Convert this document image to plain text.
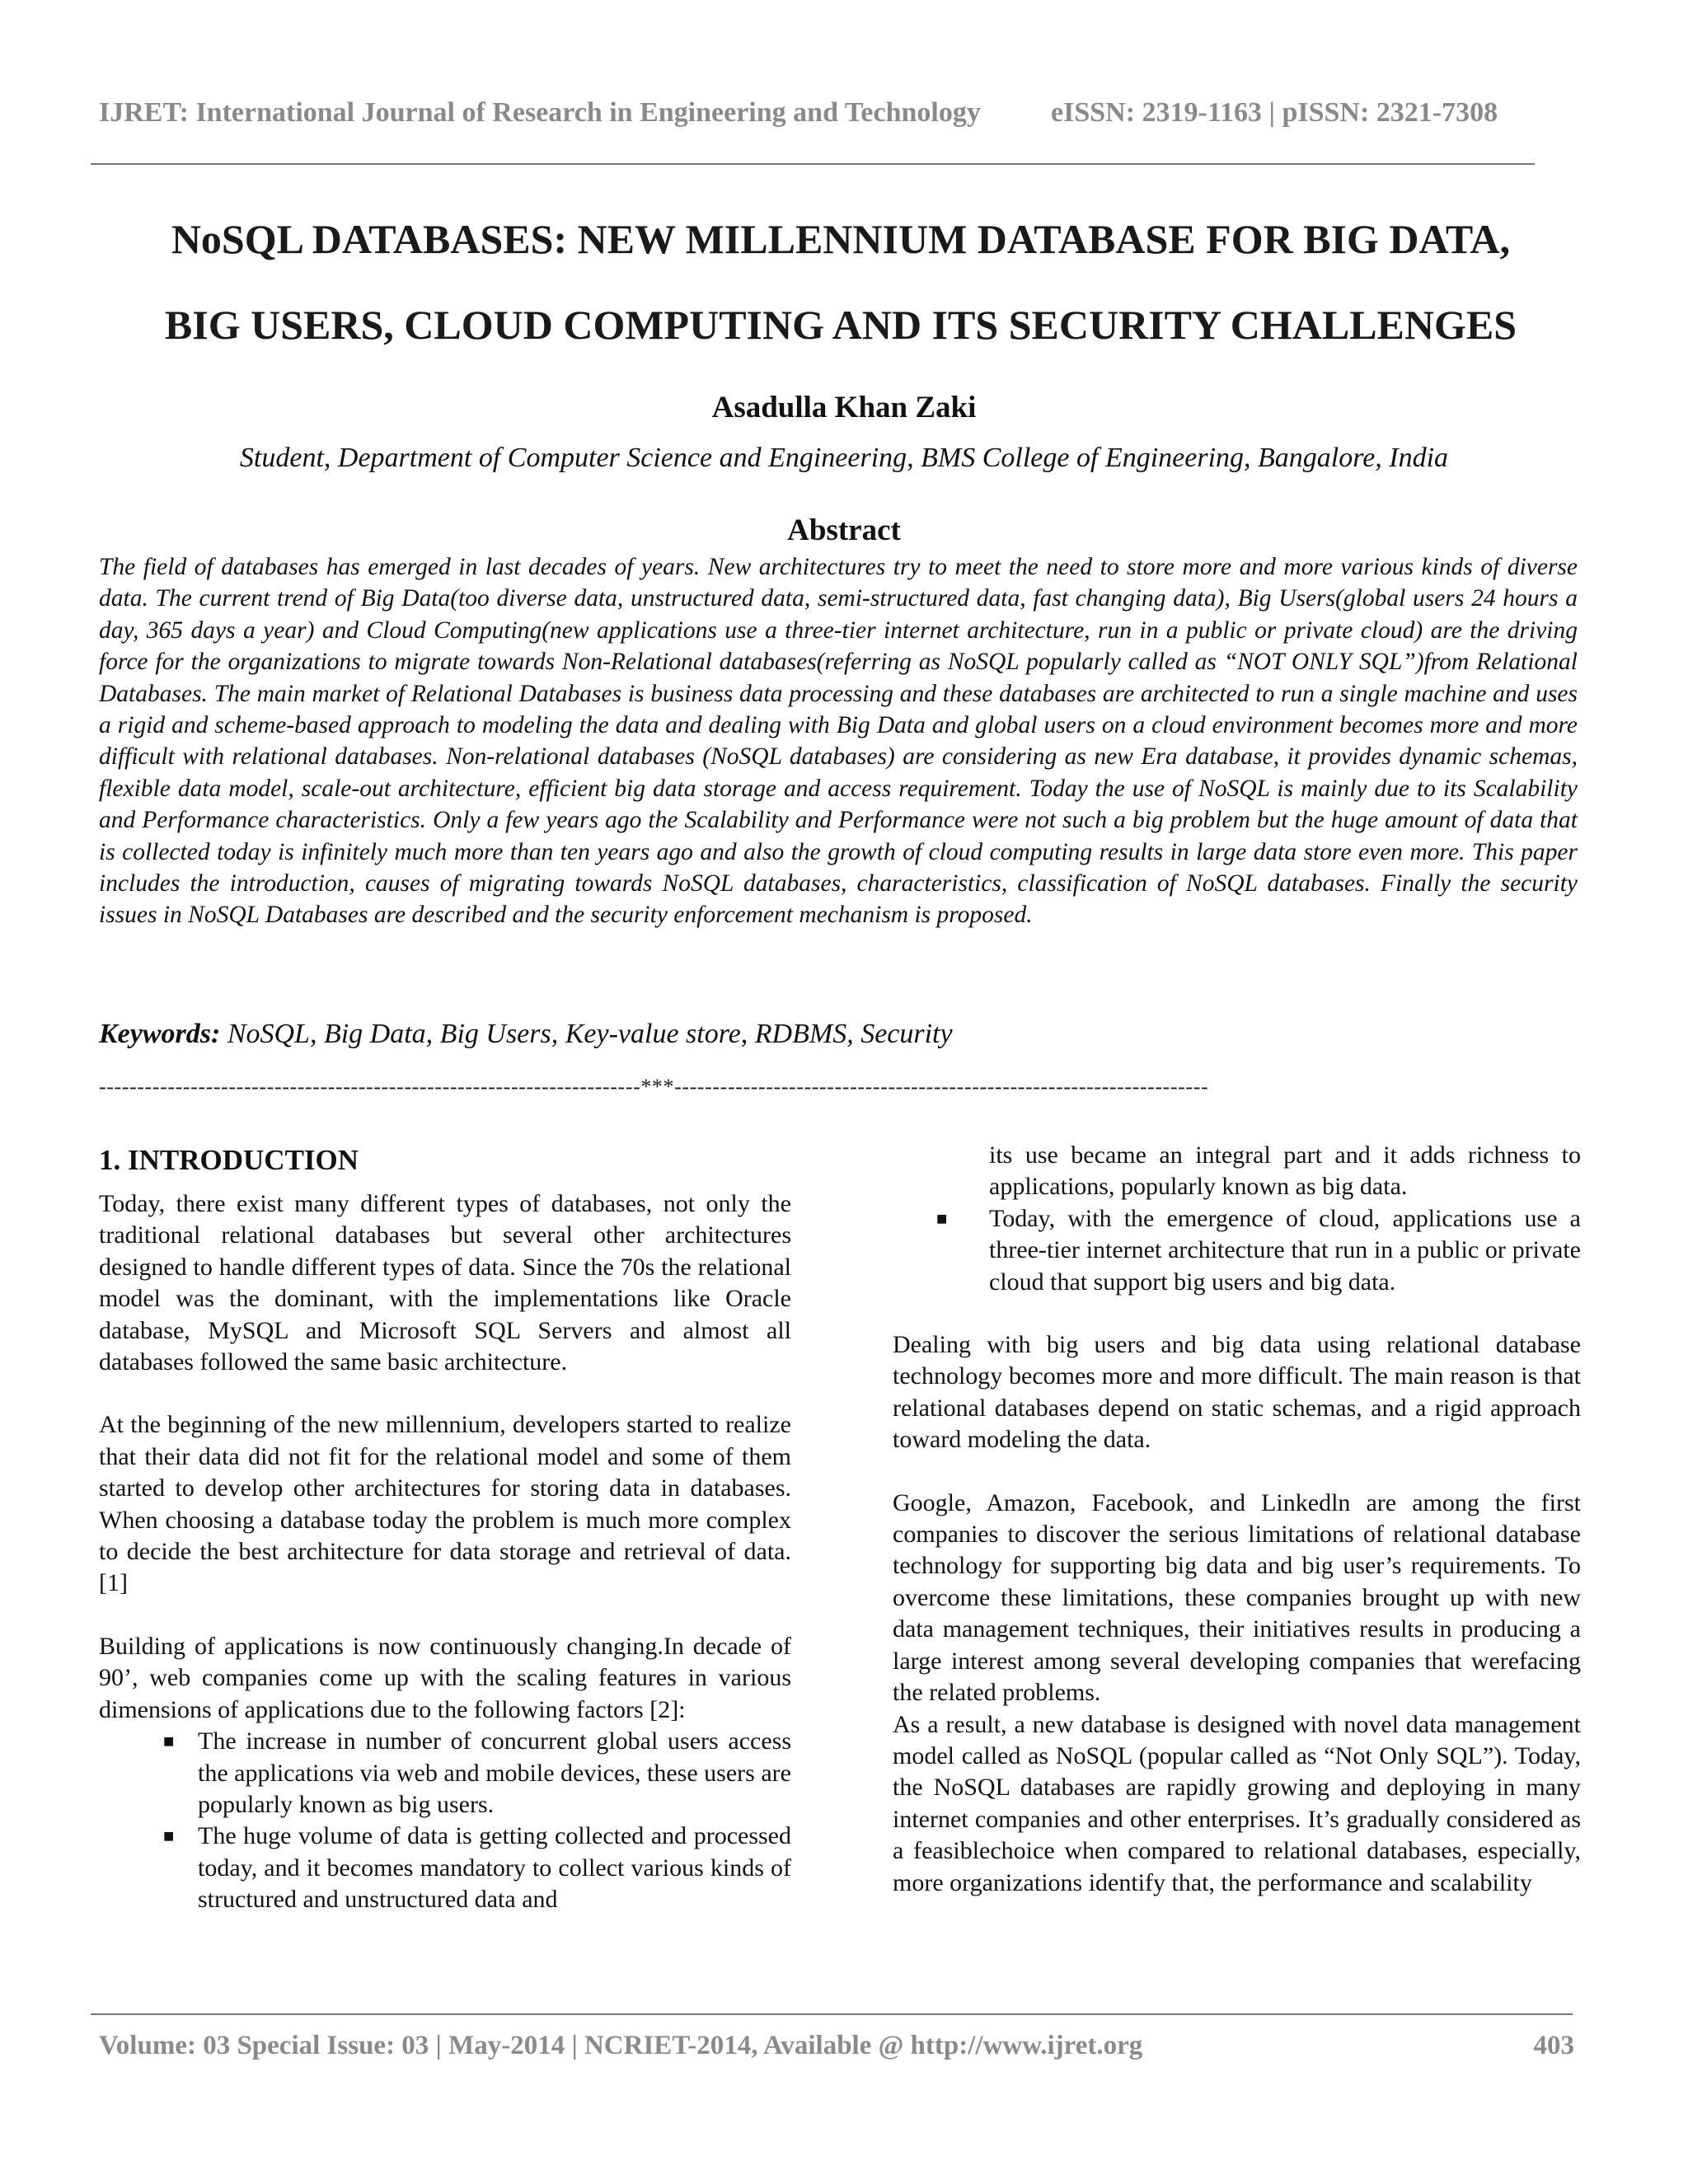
IJRET: International Journal of Research in Engineering and Technology	eISSN: 2319-1163 | pISSN: 2321-7308
NoSQL DATABASES: NEW MILLENNIUM DATABASE FOR BIG DATA,
BIG USERS, CLOUD COMPUTING AND ITS SECURITY CHALLENGES
Asadulla Khan Zaki
Student, Department of Computer Science and Engineering, BMS College of Engineering, Bangalore, India
Abstract
The field of databases has emerged in last decades of years. New architectures try to meet the need to store more and more various kinds of diverse data. The current trend of Big Data(too diverse data, unstructured data, semi-structured data, fast changing data), Big Users(global users 24 hours a day, 365 days a year) and Cloud Computing(new applications use a three-tier internet architecture, run in a public or private cloud) are the driving force for the organizations to migrate towards Non-Relational databases(referring as NoSQL popularly called as “NOT ONLY SQL”)from Relational Databases. The main market of Relational Databases is business data processing and these databases are architected to run a single machine and uses a rigid and scheme-based approach to modeling the data and dealing with Big Data and global users on a cloud environment becomes more and more difficult with relational databases. Non-relational databases (NoSQL databases) are considering as new Era database, it provides dynamic schemas, flexible data model, scale-out architecture, efficient big data storage and access requirement. Today the use of NoSQL is mainly due to its Scalability and Performance characteristics. Only a few years ago the Scalability and Performance were not such a big problem but the huge amount of data that is collected today is infinitely much more than ten years ago and also the growth of cloud computing results in large data store even more. This paper includes the introduction, causes of migrating towards NoSQL databases, characteristics, classification of NoSQL databases. Finally the security issues in NoSQL Databases are described and the security enforcement mechanism is proposed.
Keywords: NoSQL, Big Data, Big Users, Key-value store, RDBMS, Security
-----------------------------------------------------------------------***----------------------------------------------------------------------
1. INTRODUCTION

Today, there exist many different types of databases, not only the traditional relational databases but several other architectures designed to handle different types of data. Since the 70s the relational model was the dominant, with the implementations like Oracle database, MySQL and Microsoft SQL Servers and almost all databases followed the same basic architecture.

At the beginning of the new millennium, developers started to realize that their data did not fit for the relational model and some of them started to develop other architectures for storing data in databases. When choosing a database today the problem is much more complex to decide the best architecture for data storage and retrieval of data. [1]

Building of applications is now continuously changing.In decade of 90’, web companies come up with the scaling features in various dimensions of applications due to the following factors [2]:

■ The increase in number of concurrent global users access the applications via web and mobile devices, these users are popularly known as big users.

■ The huge volume of data is getting collected and processed today, and it becomes mandatory to collect various kinds of structured and unstructured data and

its use became an integral part and it adds richness to applications, popularly known as big data.

■ Today, with the emergence of cloud, applications use a three-tier internet architecture that run in a public or private cloud that support big users and big data.

Dealing with big users and big data using relational database technology becomes more and more difficult. The main reason is that relational databases depend on static schemas, and a rigid approach toward modeling the data.

Google, Amazon, Facebook, and Linkedln are among the first companies to discover the serious limitations of relational database technology for supporting big data and big user’s requirements. To overcome these limitations, these companies brought up with new data management techniques, their initiatives results in producing a large interest among several developing companies that werefacing the related problems.

As a result, a new database is designed with novel data management model called as NoSQL (popular called as “Not Only SQL”). Today, the NoSQL databases are rapidly growing and deploying in many internet companies and other enterprises. It’s gradually considered as a feasiblechoice when compared to relational databases, especially, more organizations identify that, the performance and scalability

Volume: 03 Special Issue: 03 | May-2014 | NCRIET-2014, Available @ http://www.ijret.org	403
